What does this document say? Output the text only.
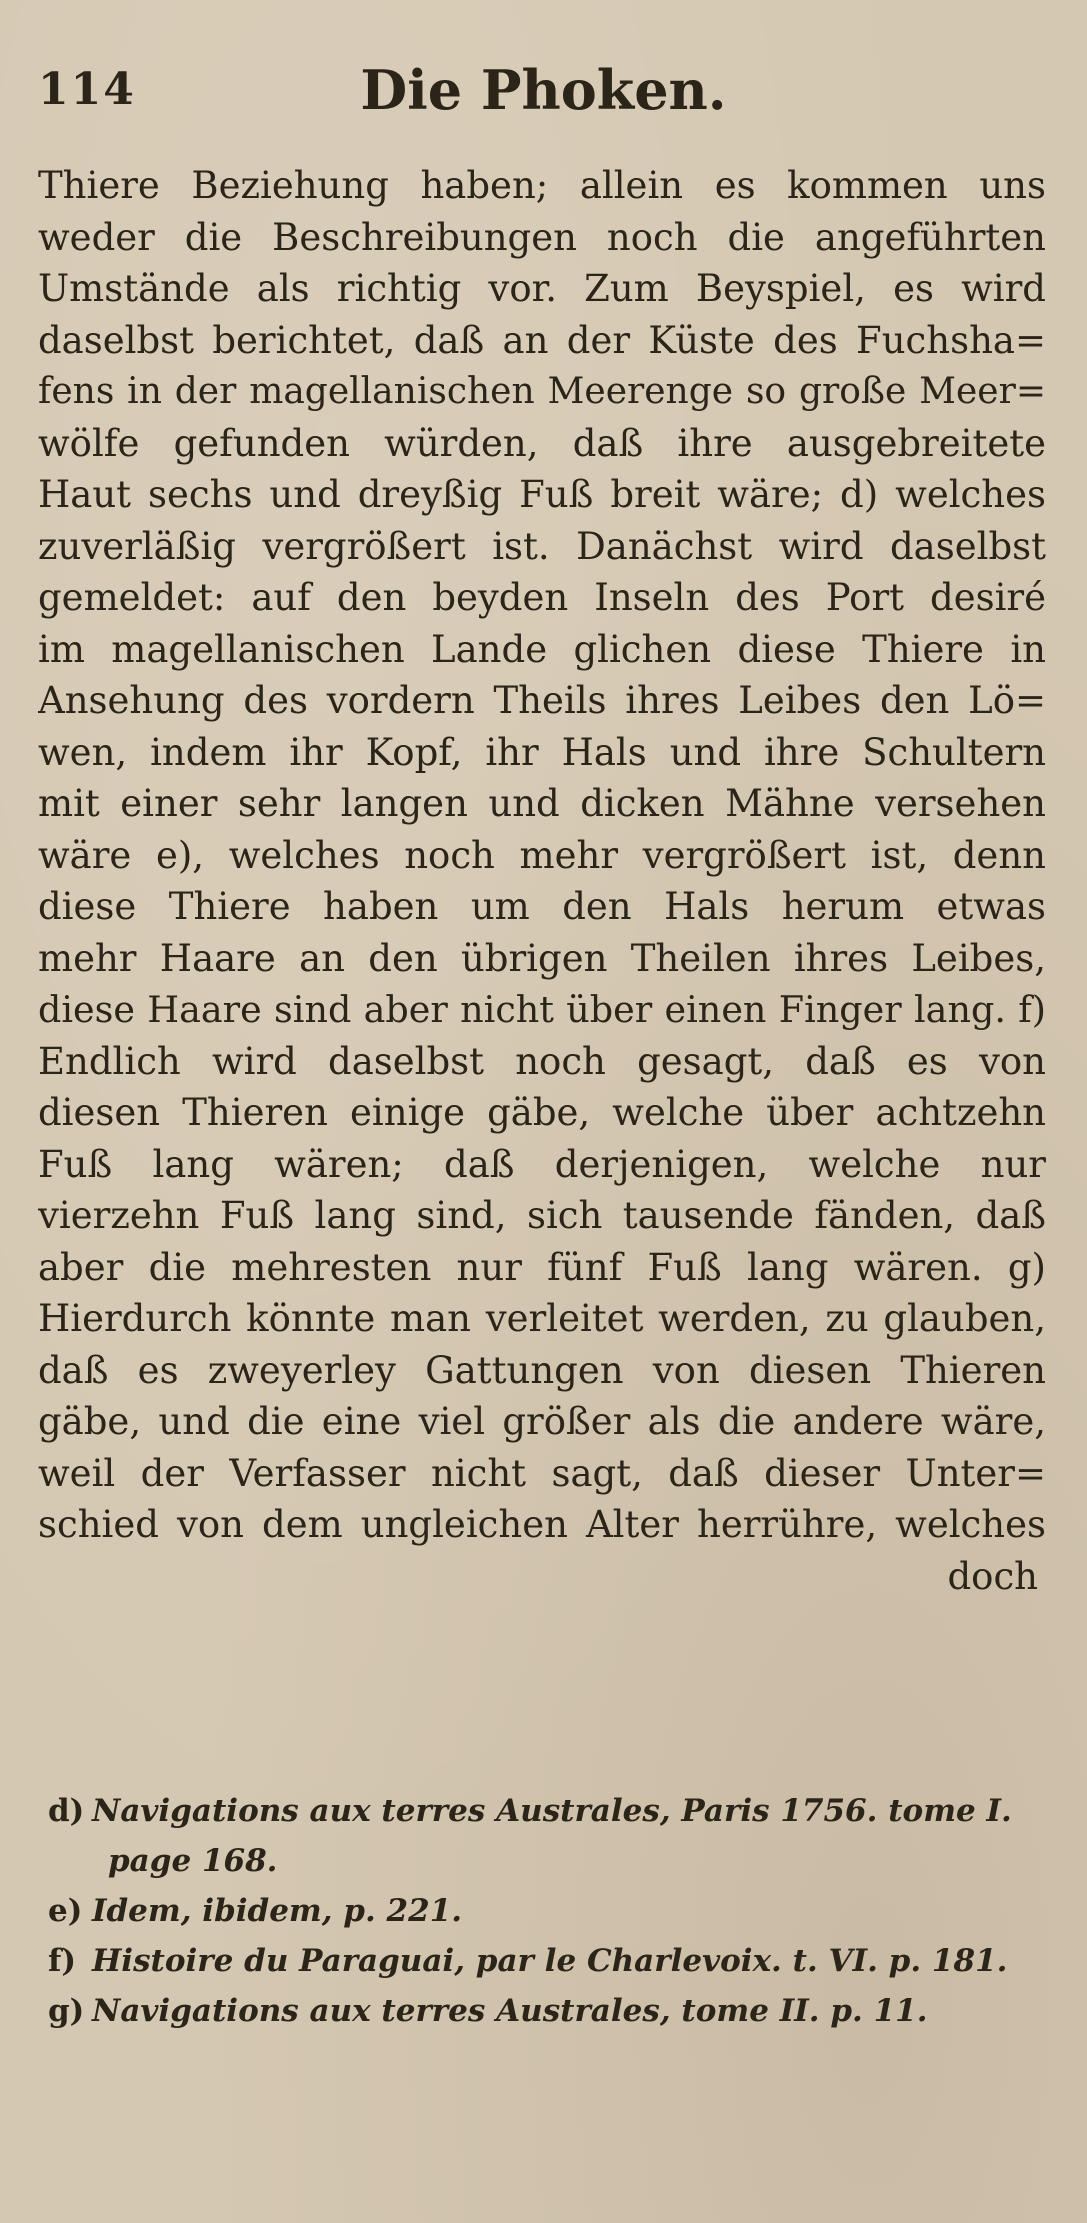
114	Die Phoken.
Thiere Beziehung haben; allein es kommen uns
weder die Beschreibungen noch die angeführten
Umstände als richtig vor. Zum Beyspiel, es wird
daselbst berichtet, daß an der Küste des Fuchsha=
fens in der magellanischen Meerenge so große Meer=
wölfe gefunden würden, daß ihre ausgebreitete
Haut sechs und dreyßig Fuß breit wäre; d) welches
zuverläßig vergrößert ist. Danächst wird daselbst
gemeldet: auf den beyden Inseln des Port desiré
im magellanischen Lande glichen diese Thiere in
Ansehung des vordern Theils ihres Leibes den Lö=
wen, indem ihr Kopf, ihr Hals und ihre Schultern
mit einer sehr langen und dicken Mähne versehen
wäre e), welches noch mehr vergrößert ist, denn
diese Thiere haben um den Hals herum etwas
mehr Haare an den übrigen Theilen ihres Leibes,
diese Haare sind aber nicht über einen Finger lang. f)
Endlich wird daselbst noch gesagt, daß es von
diesen Thieren einige gäbe, welche über achtzehn
Fuß lang wären; daß derjenigen, welche nur
vierzehn Fuß lang sind, sich tausende fänden, daß
aber die mehresten nur fünf Fuß lang wären. g)
Hierdurch könnte man verleitet werden, zu glauben,
daß es zweyerley Gattungen von diesen Thieren
gäbe, und die eine viel größer als die andere wäre,
weil der Verfasser nicht sagt, daß dieser Unter=
schied von dem ungleichen Alter herrühre, welches
doch
d) Navigations aux terres Australes, Paris 1756. tome I.
page 168.
e) Idem, ibidem, p. 221.
f) Histoire du Paraguai, par le Charlevoix. t. VI. p. 181.
g) Navigations aux terres Australes, tome II. p. 11.
